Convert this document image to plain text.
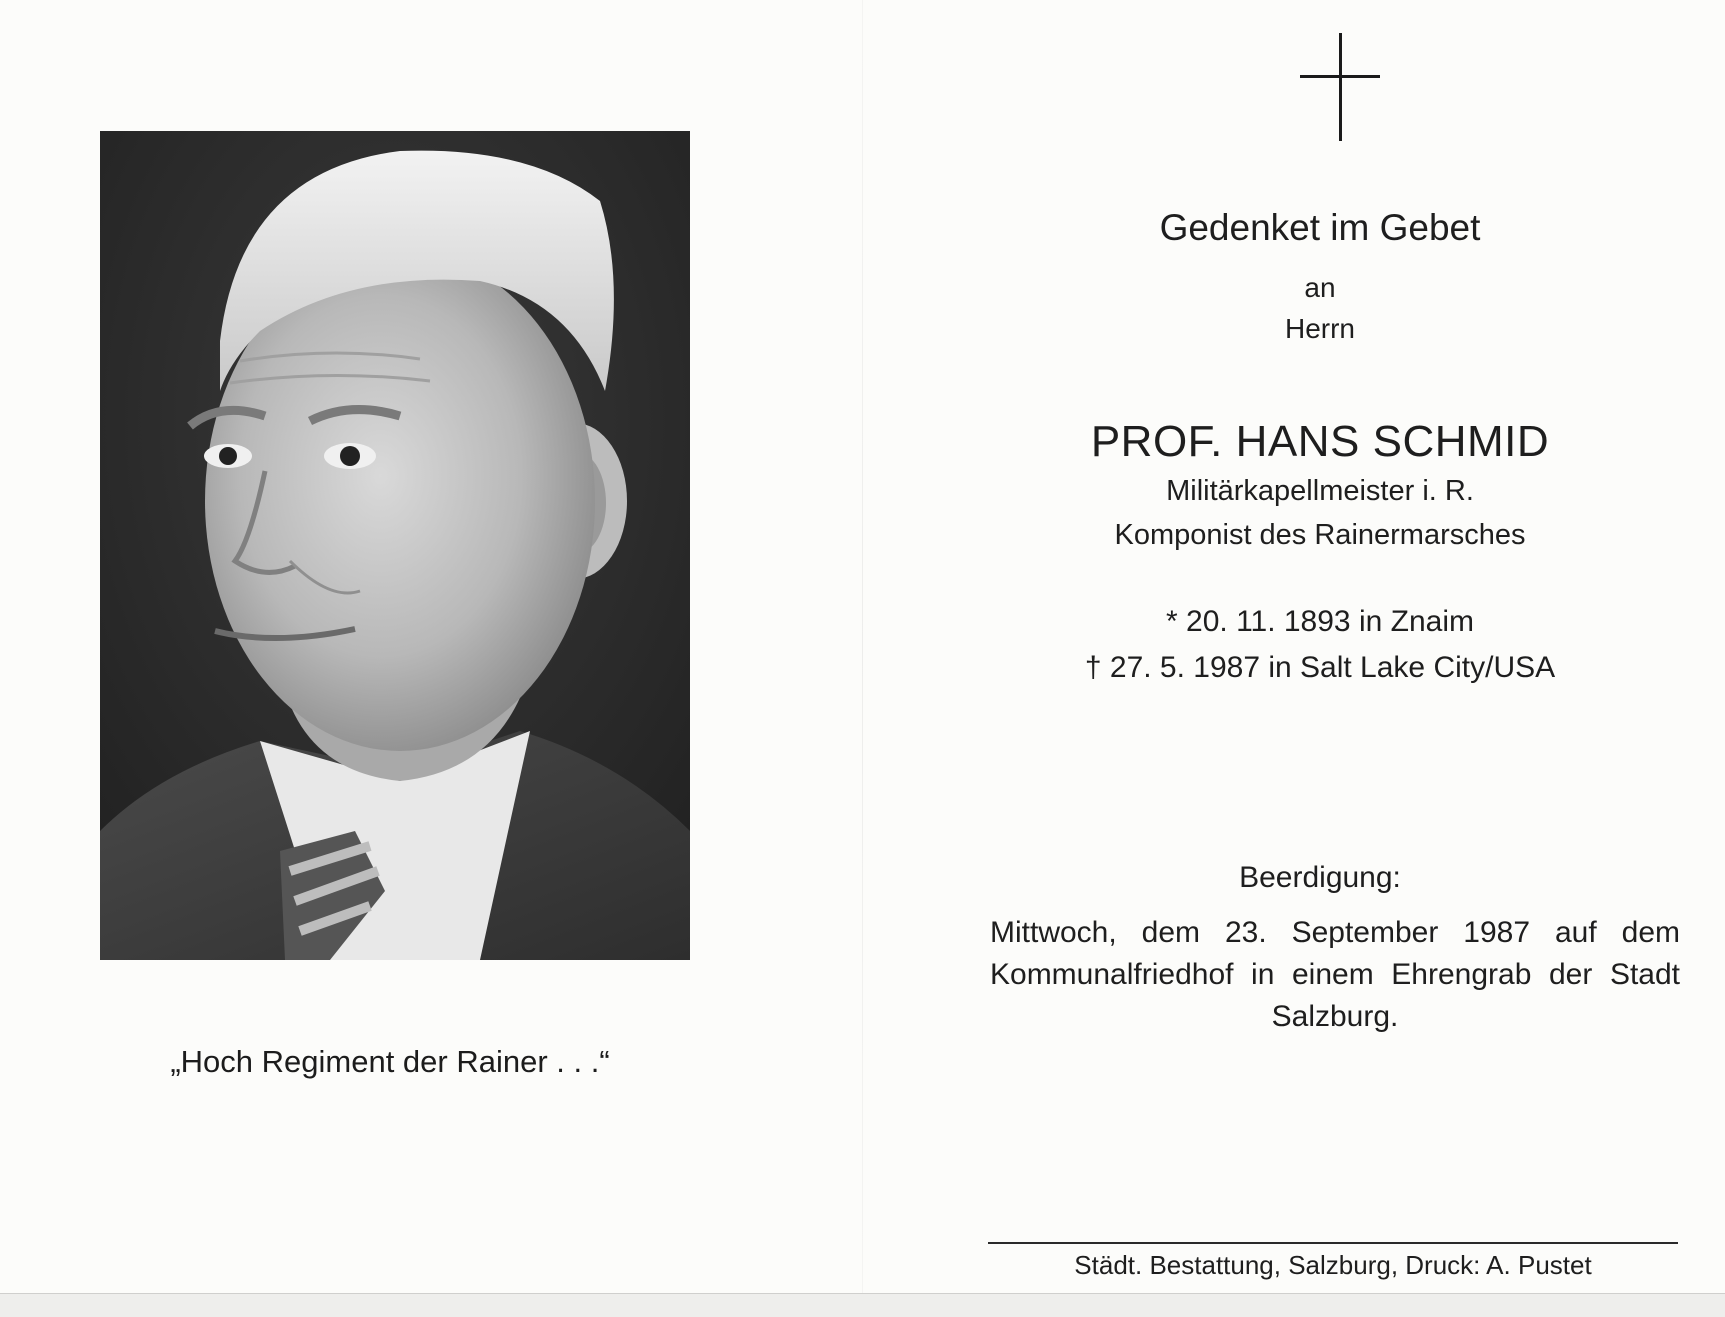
„Hoch Regiment der Rainer . . .“
Gedenket im Gebet
an
Herrn
PROF. HANS SCHMID
Militärkapellmeister i. R.
Komponist des Rainermarsches
* 20. 11. 1893 in Znaim
† 27. 5. 1987 in Salt Lake City/USA
Beerdigung:
Mittwoch, dem 23. September 1987 auf dem
Kommunalfriedhof in einem Ehrengrab der Stadt
Salzburg.
Städt. Bestattung, Salzburg, Druck: A. Pustet
